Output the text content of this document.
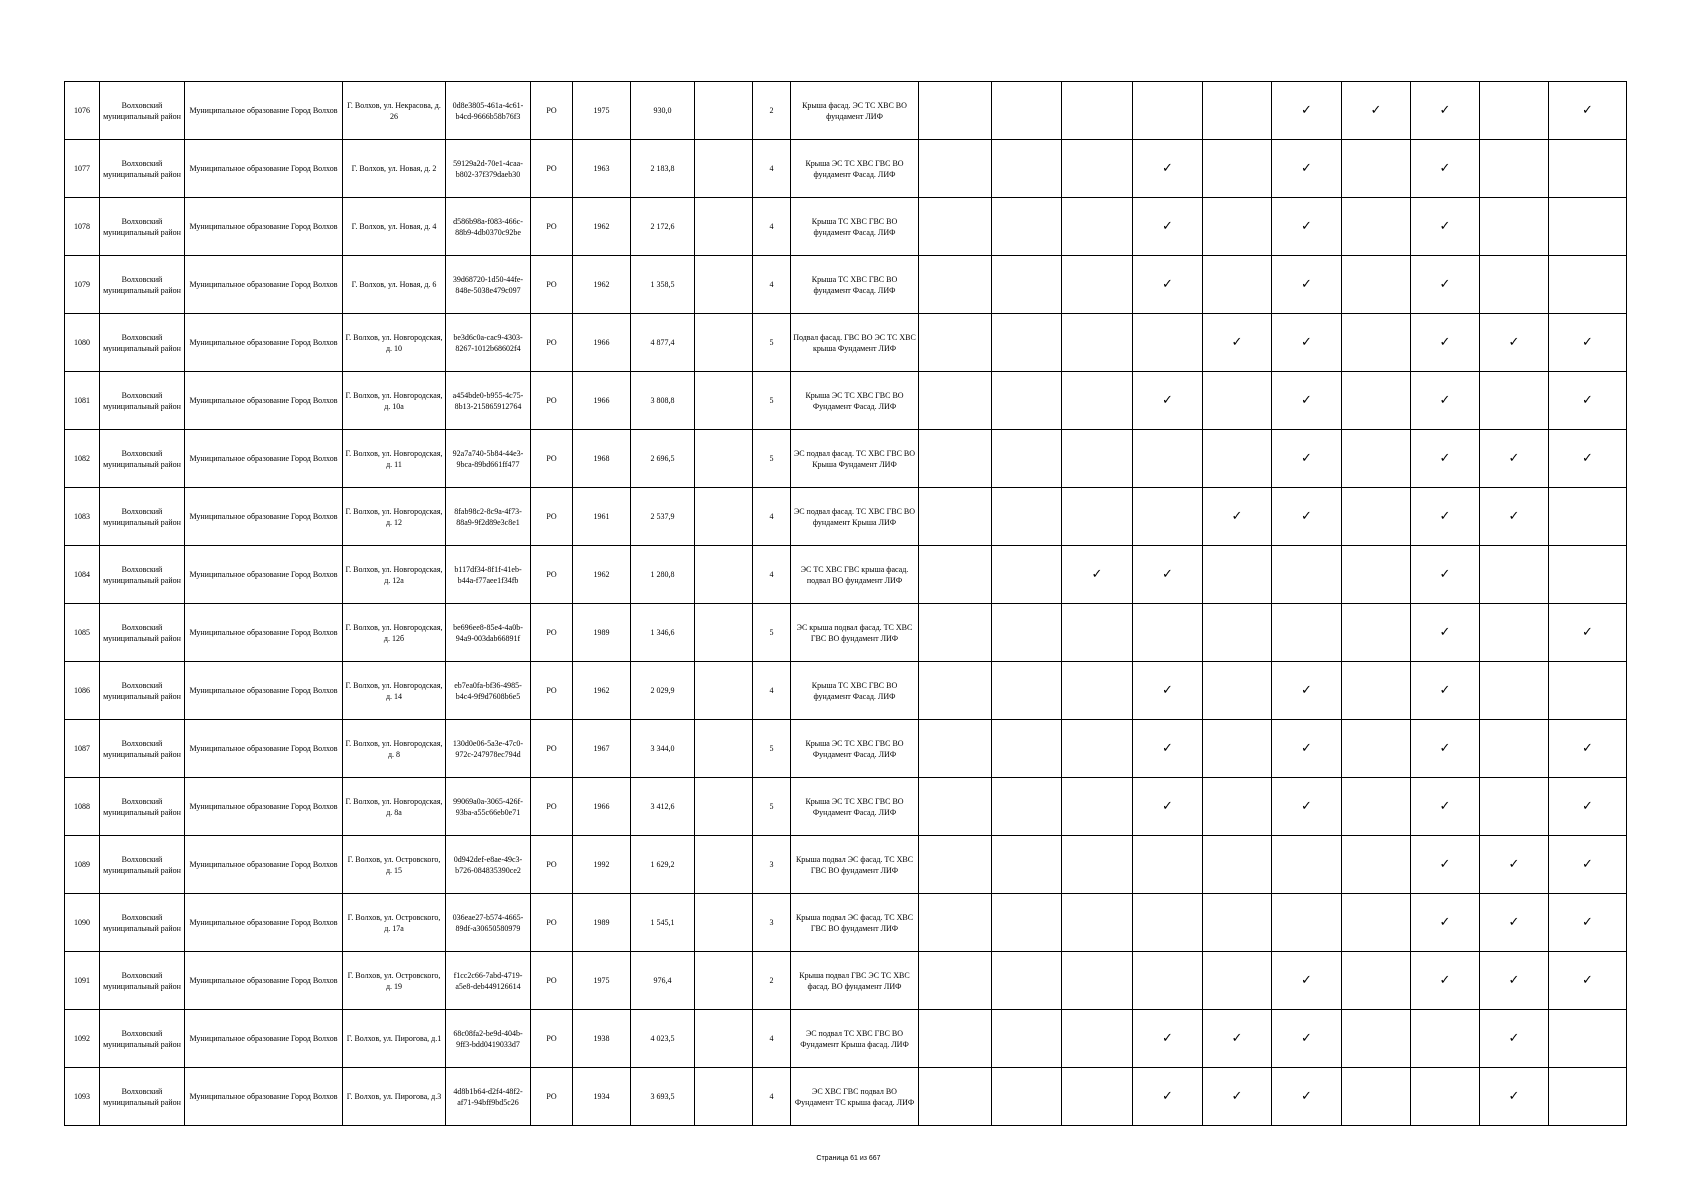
1076	Волховский муниципальный район	Муниципальное образование Город Волхов	Г. Волхов, ул. Некрасова, д. 26	0d8e3805-461a-4c61-b4cd-9666b58b76f3	РО	1975	930,0		2	Крыша фасад. ЭС ТС ХВС ВО фундамент ЛИФ						✓	✓	✓		✓
1077	Волховский муниципальный район	Муниципальное образование Город Волхов	Г. Волхов, ул. Новая, д. 2	59129a2d-70e1-4caa-b802-37f379daeb30	РО	1963	2 183,8		4	Крыша ЭС ТС ХВС ГВС ВО фундамент Фасад. ЛИФ				✓		✓		✓		
1078	Волховский муниципальный район	Муниципальное образование Город Волхов	Г. Волхов, ул. Новая, д. 4	d586b98a-f083-466c-88b9-4db0370c92be	РО	1962	2 172,6		4	Крыша ТС ХВС ГВС ВО фундамент Фасад. ЛИФ				✓		✓		✓		
1079	Волховский муниципальный район	Муниципальное образование Город Волхов	Г. Волхов, ул. Новая, д. 6	39d68720-1d50-44fe-848e-5038e479c097	РО	1962	1 358,5		4	Крыша ТС ХВС ГВС ВО фундамент Фасад. ЛИФ				✓		✓		✓		
1080	Волховский муниципальный район	Муниципальное образование Город Волхов	Г. Волхов, ул. Новгородская, д. 10	be3d6c0a-cac9-4303-8267-1012b68602f4	РО	1966	4 877,4		5	Подвал фасад. ГВС ВО ЭС ТС ХВС крыша Фундамент ЛИФ					✓	✓		✓	✓	✓
1081	Волховский муниципальный район	Муниципальное образование Город Волхов	Г. Волхов, ул. Новгородская, д. 10а	a454bde0-b955-4c75-8b13-215865912764	РО	1966	3 808,8		5	Крыша ЭС ТС ХВС ГВС ВО Фундамент Фасад. ЛИФ				✓		✓		✓		✓
1082	Волховский муниципальный район	Муниципальное образование Город Волхов	Г. Волхов, ул. Новгородская, д. 11	92a7a740-5b84-44e3-9bca-89bd661ff477	РО	1968	2 696,5		5	ЭС подвал фасад. ТС ХВС ГВС ВО Крыша Фундамент ЛИФ						✓		✓	✓	✓
1083	Волховский муниципальный район	Муниципальное образование Город Волхов	Г. Волхов, ул. Новгородская, д. 12	8fab98c2-8c9a-4f73-88a9-9f2d89e3c8e1	РО	1961	2 537,9		4	ЭС подвал фасад. ТС ХВС ГВС ВО фундамент Крыша ЛИФ					✓	✓		✓	✓	
1084	Волховский муниципальный район	Муниципальное образование Город Волхов	Г. Волхов, ул. Новгородская, д. 12а	b117df34-8f1f-41eb-b44a-f77aee1f34fb	РО	1962	1 280,8		4	ЭС ТС ХВС ГВС крыша фасад. подвал ВО фундамент ЛИФ			✓	✓				✓		
1085	Волховский муниципальный район	Муниципальное образование Город Волхов	Г. Волхов, ул. Новгородская, д. 12б	be696ee8-85e4-4a0b-94a9-003dab66891f	РО	1989	1 346,6		5	ЭС крыша подвал фасад. ТС ХВС ГВС ВО фундамент ЛИФ								✓		✓
1086	Волховский муниципальный район	Муниципальное образование Город Волхов	Г. Волхов, ул. Новгородская, д. 14	eb7ea0fa-bf36-4985-b4c4-9f9d7608b6e5	РО	1962	2 029,9		4	Крыша ТС ХВС ГВС ВО фундамент Фасад. ЛИФ				✓		✓		✓		
1087	Волховский муниципальный район	Муниципальное образование Город Волхов	Г. Волхов, ул. Новгородская, д. 8	130d0e06-5a3e-47c0-972c-247978ec794d	РО	1967	3 344,0		5	Крыша ЭС ТС ХВС ГВС ВО Фундамент Фасад. ЛИФ				✓		✓		✓		✓
1088	Волховский муниципальный район	Муниципальное образование Город Волхов	Г. Волхов, ул. Новгородская, д. 8а	99069a0a-3065-426f-93ba-a55c66eb0e71	РО	1966	3 412,6		5	Крыша ЭС ТС ХВС ГВС ВО Фундамент Фасад. ЛИФ				✓		✓		✓		✓
1089	Волховский муниципальный район	Муниципальное образование Город Волхов	Г. Волхов, ул. Островского, д. 15	0d942def-e8ae-49c3-b726-084835390ce2	РО	1992	1 629,2		3	Крыша подвал ЭС фасад. ТС ХВС ГВС ВО фундамент ЛИФ								✓	✓	✓
1090	Волховский муниципальный район	Муниципальное образование Город Волхов	Г. Волхов, ул. Островского, д. 17а	036eae27-b574-4665-89df-a30650580979	РО	1989	1 545,1		3	Крыша подвал ЭС фасад. ТС ХВС ГВС ВО фундамент ЛИФ								✓	✓	✓
1091	Волховский муниципальный район	Муниципальное образование Город Волхов	Г. Волхов, ул. Островского, д. 19	f1cc2c66-7abd-4719-a5e8-deb449126614	РО	1975	976,4		2	Крыша подвал ГВС ЭС ТС ХВС фасад. ВО фундамент ЛИФ						✓		✓	✓	✓
1092	Волховский муниципальный район	Муниципальное образование Город Волхов	Г. Волхов, ул. Пирогова, д.1	68c08fa2-be9d-404b-9ff3-bdd0419033d7	РО	1938	4 023,5		4	ЭС подвал ТС ХВС ГВС ВО Фундамент Крыша фасад. ЛИФ				✓	✓	✓			✓	
1093	Волховский муниципальный район	Муниципальное образование Город Волхов	Г. Волхов, ул. Пирогова, д.3	4d8b1b64-d2f4-48f2-af71-94bff9bd5c26	РО	1934	3 693,5		4	ЭС ХВС ГВС подвал ВО Фундамент ТС крыша фасад. ЛИФ				✓	✓	✓			✓	
Страница 61 из 667
